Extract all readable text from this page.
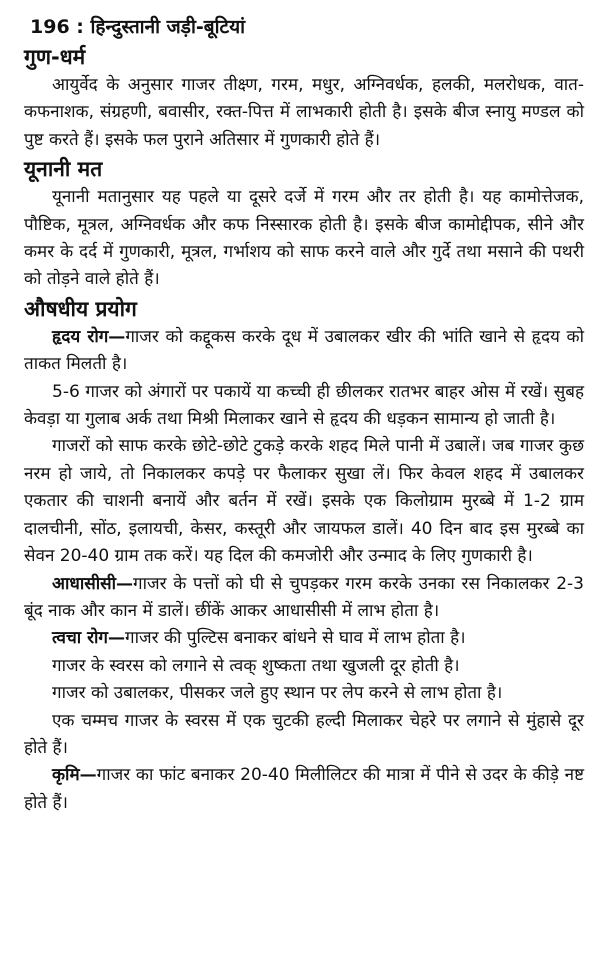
196 : हिन्दुस्तानी जड़ी-बूटियां
गुण-धर्म

आयुर्वेद के अनुसार गाजर तीक्ष्ण, गरम, मधुर, अग्निवर्धक, हलकी, मलरोधक, वात-कफनाशक, संग्रहणी, बवासीर, रक्त-पित्त में लाभकारी होती है। इसके बीज स्नायु मण्डल को पुष्ट करते हैं। इसके फल पुराने अतिसार में गुणकारी होते हैं।

यूनानी मत

यूनानी मतानुसार यह पहले या दूसरे दर्जे में गरम और तर होती है। यह कामोत्तेजक, पौष्टिक, मूत्रल, अग्निवर्धक और कफ निस्सारक होती है। इसके बीज कामोद्दीपक, सीने और कमर के दर्द में गुणकारी, मूत्रल, गर्भाशय को साफ करने वाले और गुर्दे तथा मसाने की पथरी को तोड़ने वाले होते हैं।

औषधीय प्रयोग

हृदय रोग—गाजर को कद्दूकस करके दूध में उबालकर खीर की भांति खाने से हृदय को ताकत मिलती है।

5-6 गाजर को अंगारों पर पकायें या कच्ची ही छीलकर रातभर बाहर ओस में रखें। सुबह केवड़ा या गुलाब अर्क तथा मिश्री मिलाकर खाने से हृदय की धड़कन सामान्य हो जाती है।

गाजरों को साफ करके छोटे-छोटे टुकड़े करके शहद मिले पानी में उबालें। जब गाजर कुछ नरम हो जाये, तो निकालकर कपड़े पर फैलाकर सुखा लें। फिर केवल शहद में उबालकर एकतार की चाशनी बनायें और बर्तन में रखें। इसके एक किलोग्राम मुरब्बे में 1-2 ग्राम दालचीनी, सोंठ, इलायची, केसर, कस्तूरी और जायफल डालें। 40 दिन बाद इस मुरब्बे का सेवन 20-40 ग्राम तक करें। यह दिल की कमजोरी और उन्माद के लिए गुणकारी है।

आधासीसी—गाजर के पत्तों को घी से चुपड़कर गरम करके उनका रस निकालकर 2-3 बूंद नाक और कान में डालें। छींकें आकर आधासीसी में लाभ होता है।

त्वचा रोग—गाजर की पुल्टिस बनाकर बांधने से घाव में लाभ होता है।

गाजर के स्वरस को लगाने से त्वक् शुष्कता तथा खुजली दूर होती है।

गाजर को उबालकर, पीसकर जले हुए स्थान पर लेप करने से लाभ होता है।

एक चम्मच गाजर के स्वरस में एक चुटकी हल्दी मिलाकर चेहरे पर लगाने से मुंहासे दूर होते हैं।

कृमि—गाजर का फांट बनाकर 20-40 मिलीलिटर की मात्रा में पीने से उदर के कीड़े नष्ट होते हैं।
